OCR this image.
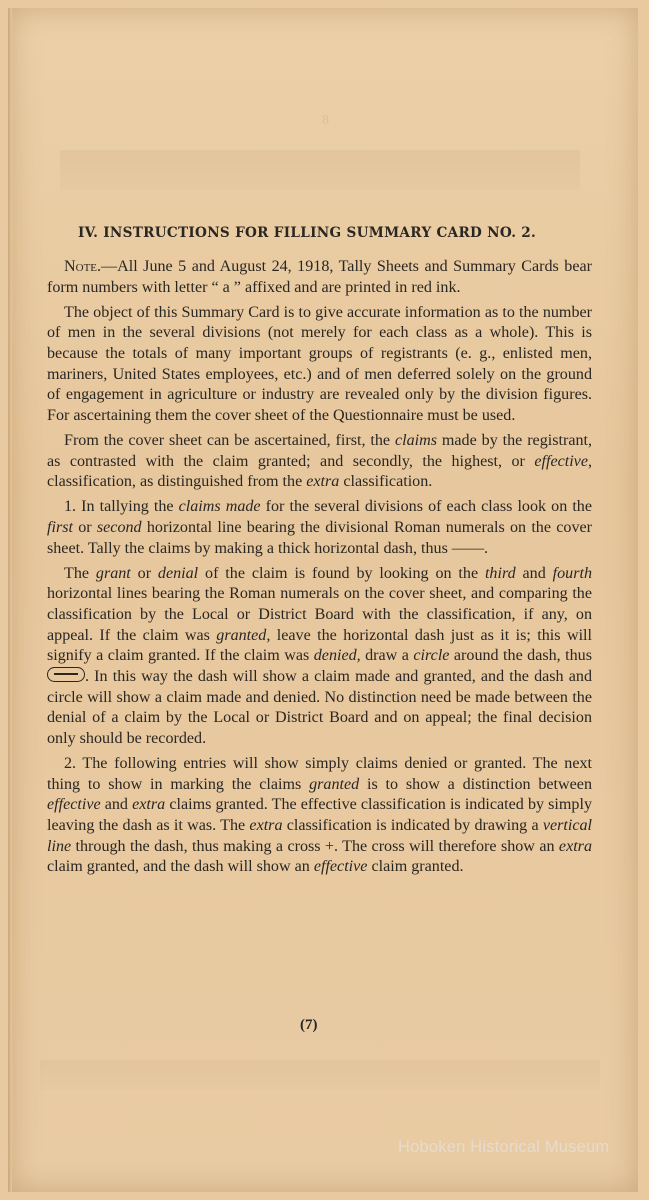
8
IV. INSTRUCTIONS FOR FILLING SUMMARY CARD NO. 2.

Note.—All June 5 and August 24, 1918, Tally Sheets and Summary Cards bear form numbers with letter “ a ” affixed and are printed in red ink.

The object of this Summary Card is to give accurate information as to the number of men in the several divisions (not merely for each class as a whole). This is because the totals of many important groups of registrants (e. g., enlisted men, mariners, United States employees, etc.) and of men deferred solely on the ground of engagement in agriculture or industry are revealed only by the division figures. For ascertaining them the cover sheet of the Questionnaire must be used.

From the cover sheet can be ascertained, first, the claims made by the registrant, as contrasted with the claim granted; and secondly, the highest, or effective, classification, as distinguished from the extra classification.

1. In tallying the claims made for the several divisions of each class look on the first or second horizontal line bearing the divisional Roman numerals on the cover sheet. Tally the claims by making a thick horizontal dash, thus ——.

The grant or denial of the claim is found by looking on the third and fourth horizontal lines bearing the Roman numerals on the cover sheet, and comparing the classification by the Local or District Board with the classification, if any, on appeal. If the claim was granted, leave the horizontal dash just as it is; this will signify a claim granted. If the claim was denied, draw a circle around the dash, thus . In this way the dash will show a claim made and granted, and the dash and circle will show a claim made and denied. No distinction need be made between the denial of a claim by the Local or District Board and on appeal; the final decision only should be recorded.

2. The following entries will show simply claims denied or granted. The next thing to show in marking the claims granted is to show a distinction between effective and extra claims granted. The effective classification is indicated by simply leaving the dash as it was. The extra classification is indicated by drawing a vertical line through the dash, thus making a cross +. The cross will therefore show an extra claim granted, and the dash will show an effective claim granted.

(7)
Hoboken Historical Museum
